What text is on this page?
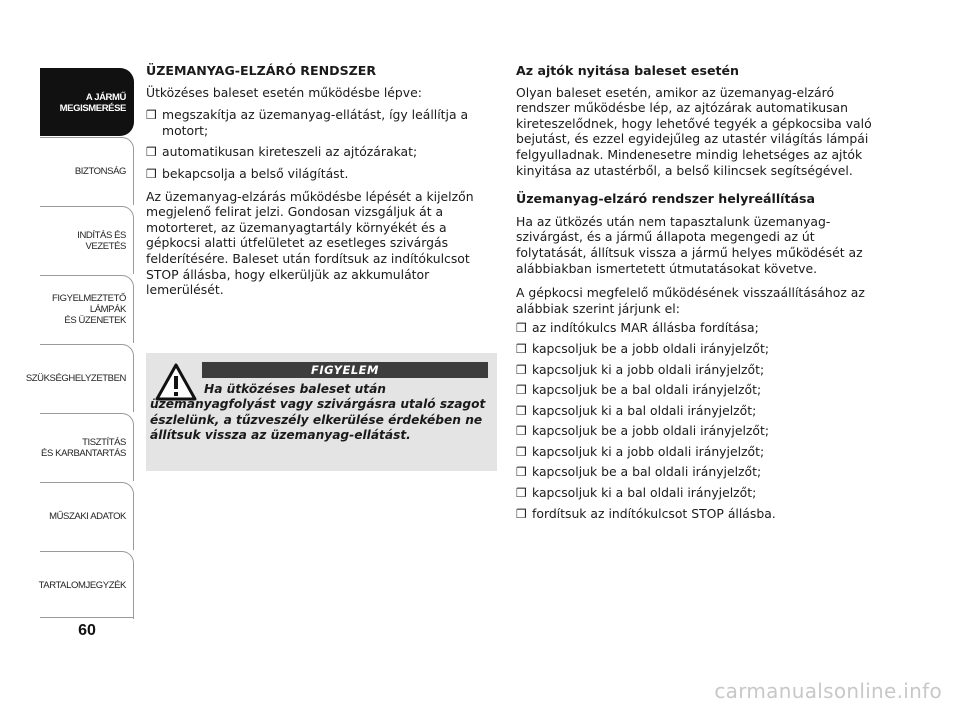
A JÁRMŰ
MEGISMERÉSE
BIZTONSÁG
INDÍTÁS ÉS VEZETÉS
FIGYELMEZTETŐ
LÁMPÁK
ÉS ÜZENETEK
SZÜKSÉGHELYZETBEN
TISZTÍTÁS
ÉS KARBANTARTÁS
MŰSZAKI ADATOK
TARTALOMJEGYZÉK
60
ÜZEMANYAG-ELZÁRÓ RENDSZER

Ütközéses baleset esetén működésbe lépve:

❒ megszakítja az üzemanyag-ellátást, így leállítja a motort;
❒ automatikusan kireteszeli az ajtózárakat;
❒ bekapcsolja a belső világítást.

Az üzemanyag-elzárás működésbe lépését a kijelzőn megjelenő felirat jelzi. Gondosan vizsgáljuk át a motorteret, az üzemanyagtartály környékét és a gépkocsi alatti útfelületet az esetleges szivárgás felderítésére. Baleset után fordítsuk az indítókulcsot STOP állásba, hogy elkerüljük az akkumulátor lemerülését.

FIGYELEM

Ha ütközéses baleset után üzemanyagfolyást vagy szivárgásra utaló szagot észlelünk, a tűzveszély elkerülése érdekében ne állítsuk vissza az üzemanyag-ellátást.

Az ajtók nyitása baleset esetén

Olyan baleset esetén, amikor az üzemanyag-elzáró rendszer működésbe lép, az ajtózárak automatikusan kireteszelődnek, hogy lehetővé tegyék a gépkocsiba való bejutást, és ezzel egyidejűleg az utastér világítás lámpái felgyulladnak. Mindenesetre mindig lehetséges az ajtók kinyitása az utastérből, a belső kilincsek segítségével.

Üzemanyag-elzáró rendszer helyreállítása

Ha az ütközés után nem tapasztalunk üzemanyag-szivárgást, és a jármű állapota megengedi az út folytatását, állítsuk vissza a jármű helyes működését az alábbiakban ismertetett útmutatásokat követve.

A gépkocsi megfelelő működésének visszaállításához az alábbiak szerint járjunk el:

❒ az indítókulcs MAR állásba fordítása;
❒ kapcsoljuk be a jobb oldali irányjelzőt;
❒ kapcsoljuk ki a jobb oldali irányjelzőt;
❒ kapcsoljuk be a bal oldali irányjelzőt;
❒ kapcsoljuk ki a bal oldali irányjelzőt;
❒ kapcsoljuk be a jobb oldali irányjelzőt;
❒ kapcsoljuk ki a jobb oldali irányjelzőt;
❒ kapcsoljuk be a bal oldali irányjelzőt;
❒ kapcsoljuk ki a bal oldali irányjelzőt;
❒ fordítsuk az indítókulcsot STOP állásba.
carmanualsonline.info
